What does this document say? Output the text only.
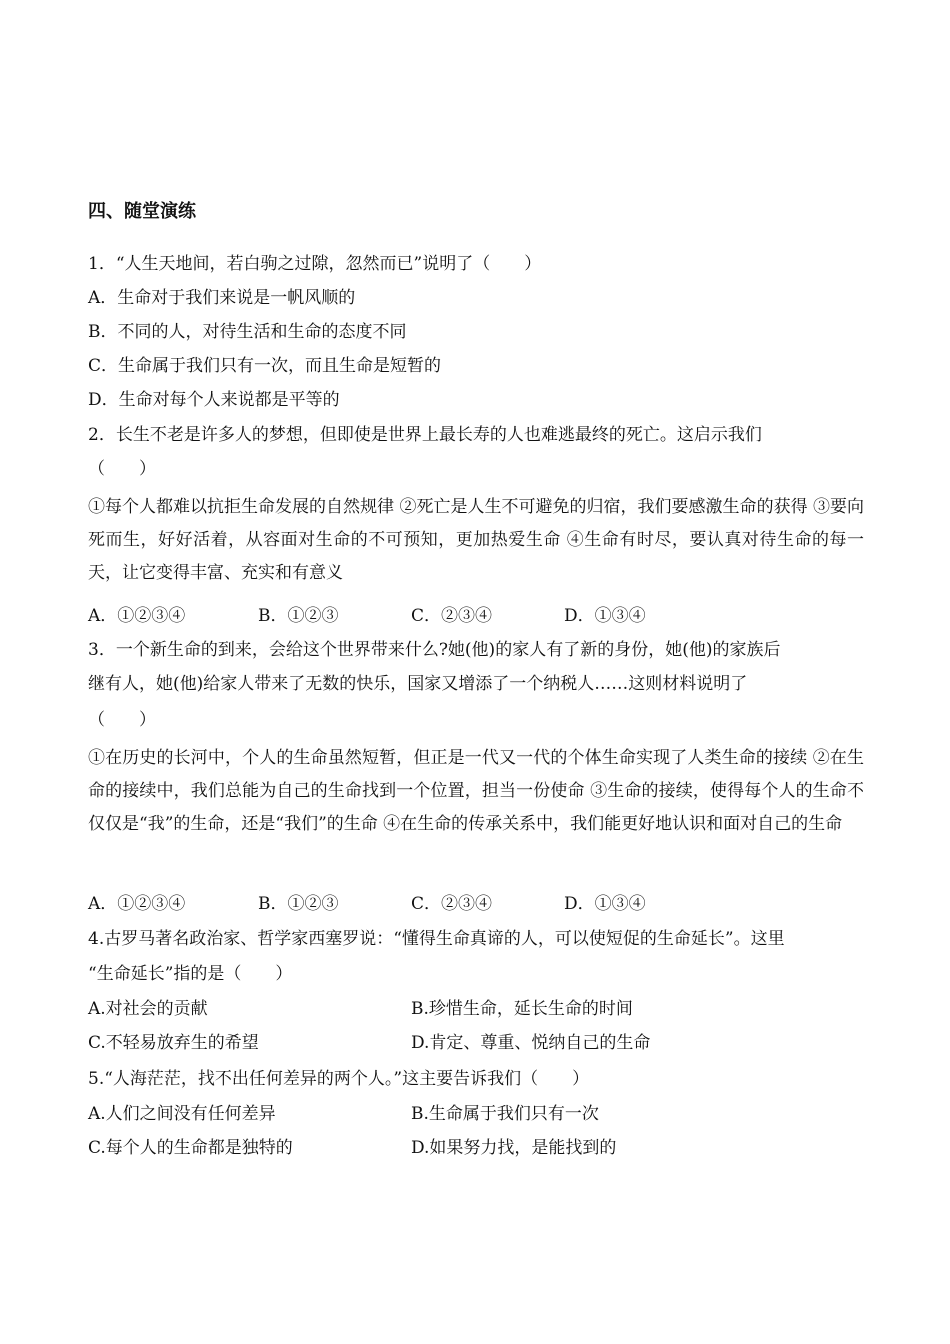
四、随堂演练
1．“人生天地间，若白驹之过隙，忽然而已”说明了（　　）
A．生命对于我们来说是一帆风顺的
B．不同的人，对待生活和生命的态度不同
C．生命属于我们只有一次，而且生命是短暂的
D．生命对每个人来说都是平等的
2．长生不老是许多人的梦想，但即使是世界上最长寿的人也难逃最终的死亡。这启示我们
（　　）
①每个人都难以抗拒生命发展的自然规律 ②死亡是人生不可避免的归宿，我们要感激生命的获得 ③要向死而生，好好活着，从容面对生命的不可预知，更加热爱生命 ④生命有时尽，要认真对待生命的每一天，让它变得丰富、充实和有意义
A．①②③④	B．①②③	C．②③④	D．①③④
3．一个新生命的到来，会给这个世界带来什么?她(他)的家人有了新的身份，她(他)的家族后
继有人，她(他)给家人带来了无数的快乐，国家又增添了一个纳税人……这则材料说明了
（　　）
①在历史的长河中，个人的生命虽然短暂，但正是一代又一代的个体生命实现了人类生命的接续 ②在生命的接续中，我们总能为自己的生命找到一个位置，担当一份使命 ③生命的接续，使得每个人的生命不仅仅是“我”的生命，还是“我们”的生命 ④在生命的传承关系中，我们能更好地认识和面对自己的生命
A．①②③④	B．①②③	C．②③④	D．①③④
4.古罗马著名政治家、哲学家西塞罗说：“懂得生命真谛的人，可以使短促的生命延长”。这里
“生命延长”指的是（　　）
A.对社会的贡献	B.珍惜生命，延长生命的时间
C.不轻易放弃生的希望	D.肯定、尊重、悦纳自己的生命
5.“人海茫茫，找不出任何差异的两个人。”这主要告诉我们（　　）
A.人们之间没有任何差异	B.生命属于我们只有一次
C.每个人的生命都是独特的	D.如果努力找，是能找到的
